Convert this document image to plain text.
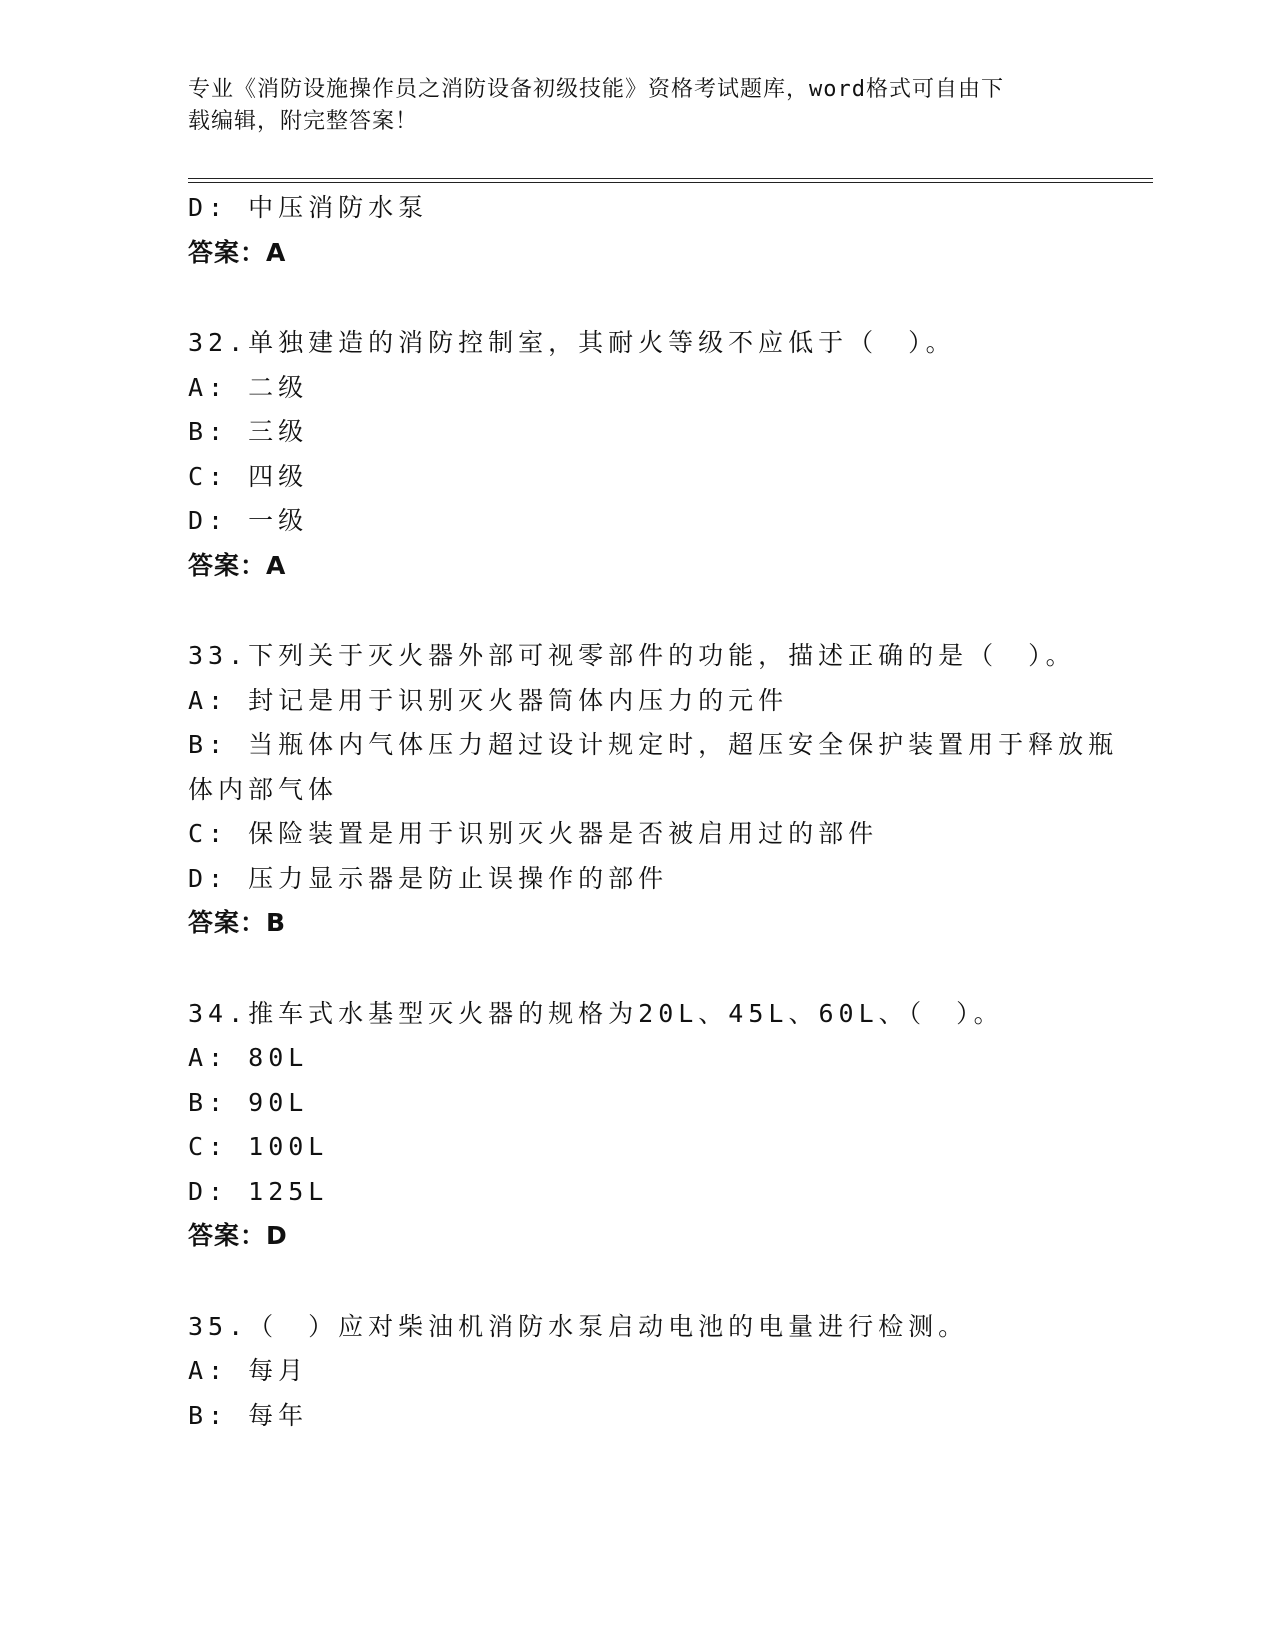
专业《消防设施操作员之消防设备初级技能》资格考试题库，word格式可自由下
载编辑，附完整答案！
D: 中压消防水泵
答案：A
32.单独建造的消防控制室，其耐火等级不应低于（　）。
A: 二级
B: 三级
C: 四级
D: 一级
答案：A
33.下列关于灭火器外部可视零部件的功能，描述正确的是（　）。
A: 封记是用于识别灭火器筒体内压力的元件
B: 当瓶体内气体压力超过设计规定时，超压安全保护装置用于释放瓶
体内部气体
C: 保险装置是用于识别灭火器是否被启用过的部件
D: 压力显示器是防止误操作的部件
答案：B
34.推车式水基型灭火器的规格为20L、45L、60L、（　）。
A: 80L
B: 90L
C: 100L
D: 125L
答案：D
35.（　）应对柴油机消防水泵启动电池的电量进行检测。
A: 每月
B: 每年
